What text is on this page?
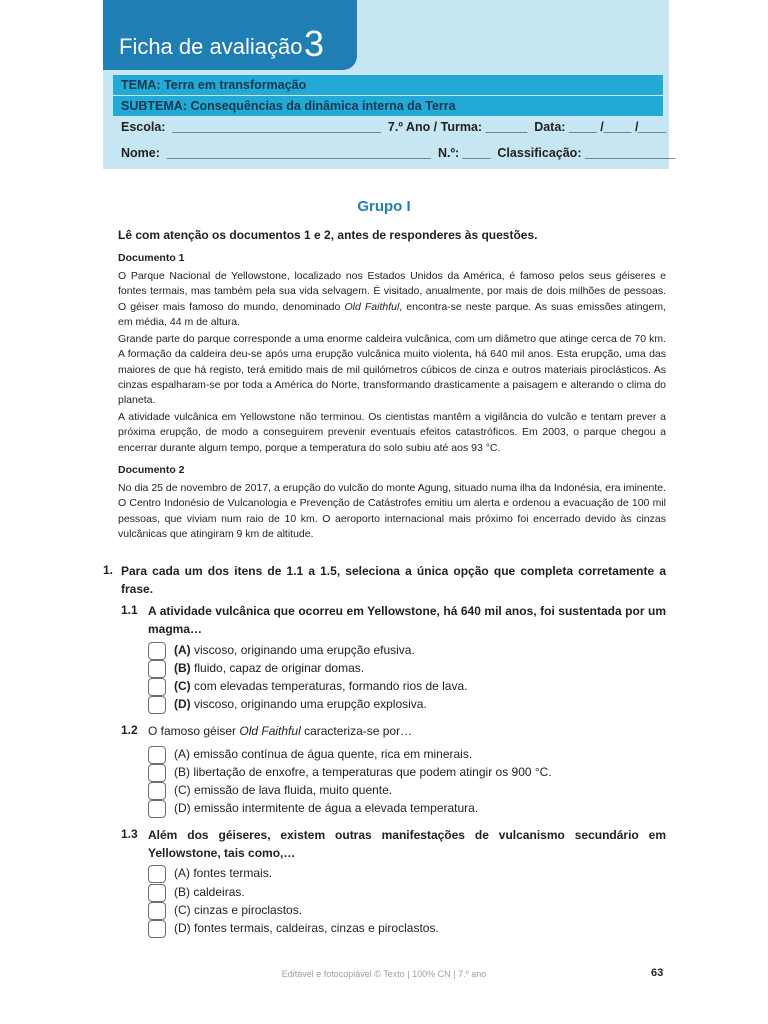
Ficha de avaliação 3
TEMA: Terra em transformação
SUBTEMA: Consequências da dinâmica interna da Terra
Escola:  ______________________________  7.º Ano / Turma: ______  Data: ____ /____ /____
Nome:  ______________________________________  N.º: ____  Classificação: _____________
Grupo I
Lê com atenção os documentos 1 e 2, antes de responderes às questões.
Documento 1
O Parque Nacional de Yellowstone, localizado nos Estados Unidos da América, é famoso pelos seus géiseres e fontes termais, mas também pela sua vida selvagem. É visitado, anualmente, por mais de dois milhões de pessoas. O géiser mais famoso do mundo, denominado Old Faithful, encontra-se neste parque. As suas emissões atingem, em média, 44 m de altura.
Grande parte do parque corresponde a uma enorme caldeira vulcânica, com um diâmetro que atinge cerca de 70 km. A formação da caldeira deu-se após uma erupção vulcânica muito violenta, há 640 mil anos. Esta erupção, uma das maiores de que há registo, terá emitido mais de mil quilómetros cúbicos de cinza e outros materiais piroclásticos. As cinzas espalharam-se por toda a América do Norte, transformando drasticamente a paisagem e alterando o clima do planeta.
A atividade vulcânica em Yellowstone não terminou. Os cientistas mantêm a vigilância do vulcão e tentam prever a próxima erupção, de modo a conseguirem prevenir eventuais efeitos catastróficos. Em 2003, o parque chegou a encerrar durante algum tempo, porque a temperatura do solo subiu até aos 93 °C.
Documento 2
No dia 25 de novembro de 2017, a erupção do vulcão do monte Agung, situado numa ilha da Indonésia, era iminente. O Centro Indonésio de Vulcanologia e Prevenção de Catástrofes emitiu um alerta e ordenou a evacuação de 100 mil pessoas, que viviam num raio de 10 km. O aeroporto internacional mais próximo foi encerrado devido às cinzas vulcânicas que atingiram 9 km de altitude.
1. Para cada um dos itens de 1.1 a 1.5, seleciona a única opção que completa corretamente a frase.
1.1 A atividade vulcânica que ocorreu em Yellowstone, há 640 mil anos, foi sustentada por um magma…
(A) viscoso, originando uma erupção efusiva.
(B) fluido, capaz de originar domas.
(C) com elevadas temperaturas, formando rios de lava.
(D) viscoso, originando uma erupção explosiva.
1.2 O famoso géiser Old Faithful caracteriza-se por…
(A) emissão contínua de água quente, rica em minerais.
(B) libertação de enxofre, a temperaturas que podem atingir os 900 °C.
(C) emissão de lava fluida, muito quente.
(D) emissão intermitente de água a elevada temperatura.
1.3 Além dos géiseres, existem outras manifestações de vulcanismo secundário em Yellowstone, tais como,…
(A) fontes termais.
(B) caldeiras.
(C) cinzas e piroclastos.
(D) fontes termais, caldeiras, cinzas e piroclastos.
Editável e fotocopiável © Texto | 100% CN | 7.º ano	63
